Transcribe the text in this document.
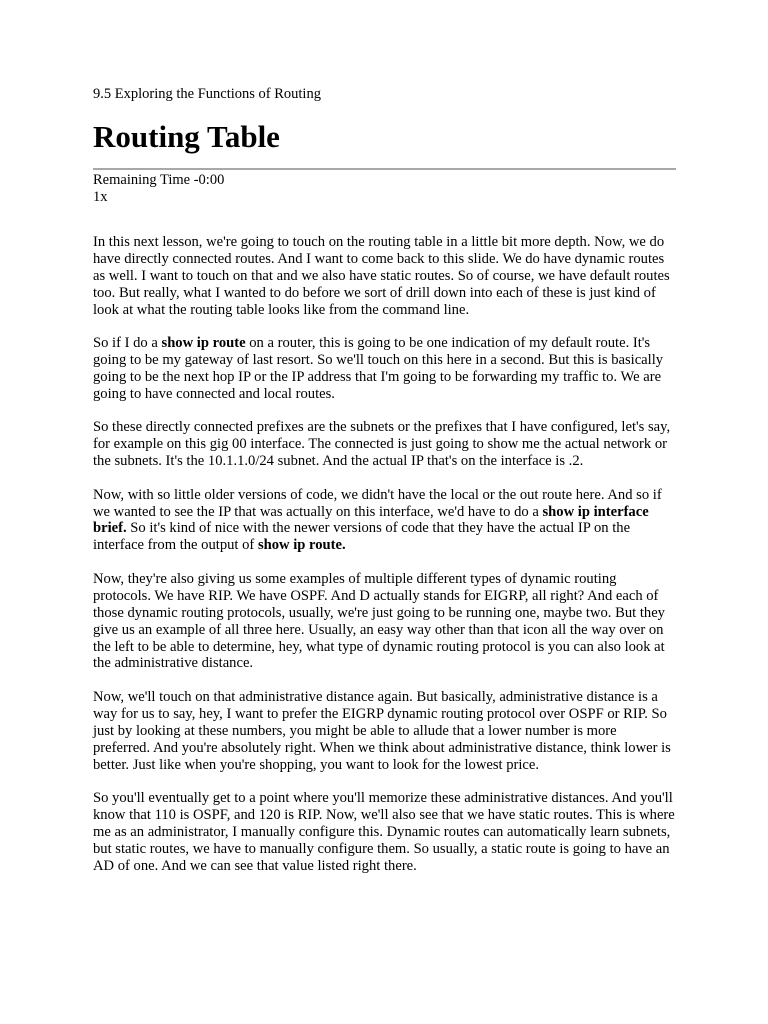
9.5 Exploring the Functions of Routing

Routing Table
Remaining Time -0:00
1x

In this next lesson, we're going to touch on the routing table in a little bit more depth. Now, we do have directly connected routes. And I want to come back to this slide. We do have dynamic routes as well. I want to touch on that and we also have static routes. So of course, we have default routes too. But really, what I wanted to do before we sort of drill down into each of these is just kind of look at what the routing table looks like from the command line.

So if I do a show ip route on a router, this is going to be one indication of my default route. It's going to be my gateway of last resort. So we'll touch on this here in a second. But this is basically going to be the next hop IP or the IP address that I'm going to be forwarding my traffic to. We are going to have connected and local routes.

So these directly connected prefixes are the subnets or the prefixes that I have configured, let's say, for example on this gig 00 interface. The connected is just going to show me the actual network or the subnets. It's the 10.1.1.0/24 subnet. And the actual IP that's on the interface is .2.

Now, with so little older versions of code, we didn't have the local or the out route here. And so if we wanted to see the IP that was actually on this interface, we'd have to do a show ip interface brief. So it's kind of nice with the newer versions of code that they have the actual IP on the interface from the output of show ip route.

Now, they're also giving us some examples of multiple different types of dynamic routing protocols. We have RIP. We have OSPF. And D actually stands for EIGRP, all right? And each of those dynamic routing protocols, usually, we're just going to be running one, maybe two. But they give us an example of all three here. Usually, an easy way other than that icon all the way over on the left to be able to determine, hey, what type of dynamic routing protocol is you can also look at the administrative distance.

Now, we'll touch on that administrative distance again. But basically, administrative distance is a way for us to say, hey, I want to prefer the EIGRP dynamic routing protocol over OSPF or RIP. So just by looking at these numbers, you might be able to allude that a lower number is more preferred. And you're absolutely right. When we think about administrative distance, think lower is better. Just like when you're shopping, you want to look for the lowest price.

So you'll eventually get to a point where you'll memorize these administrative distances. And you'll know that 110 is OSPF, and 120 is RIP. Now, we'll also see that we have static routes. This is where me as an administrator, I manually configure this. Dynamic routes can automatically learn subnets, but static routes, we have to manually configure them. So usually, a static route is going to have an AD of one. And we can see that value listed right there.
